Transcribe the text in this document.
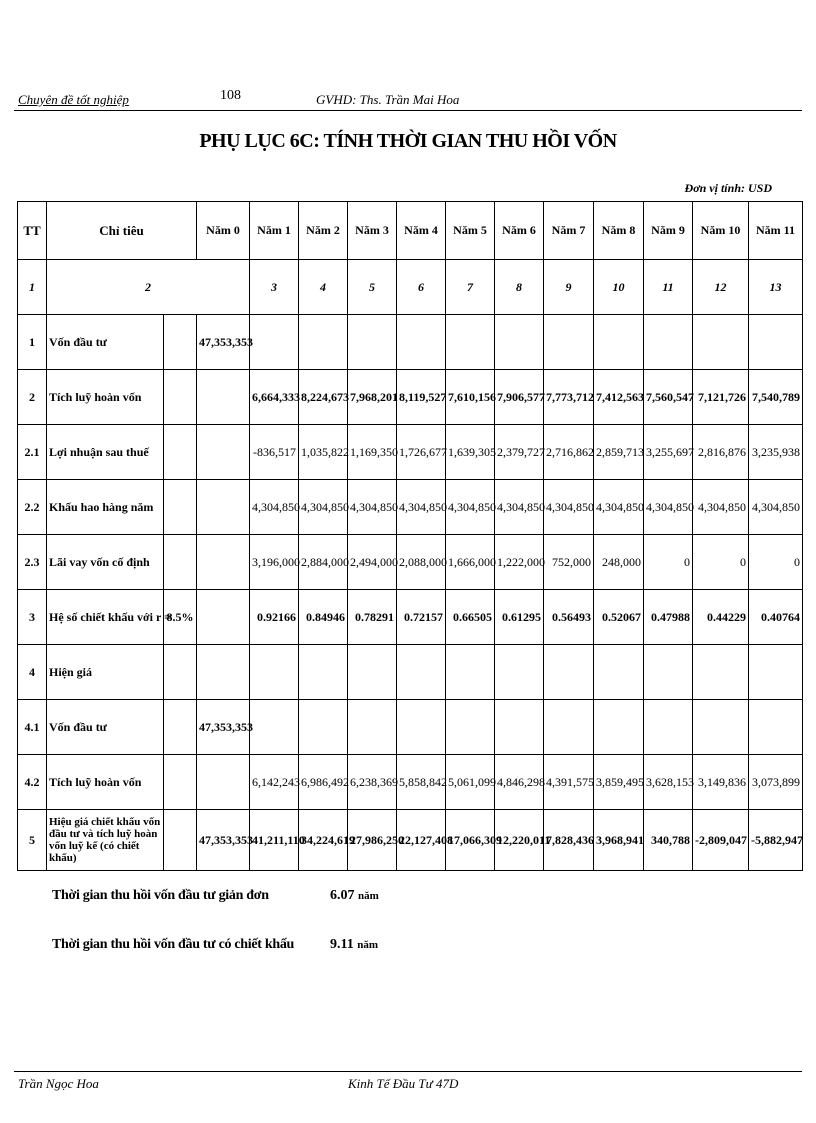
Chuyên đề tốt nghiệp	108	GVHD: Ths. Trần Mai Hoa
PHỤ LỤC 6C: TÍNH THỜI GIAN THU HỒI VỐN
Đơn vị tính: USD
TT	Chỉ tiêu		Năm 0	Năm 1	Năm 2	Năm 3	Năm 4	Năm 5	Năm 6	Năm 7	Năm 8	Năm 9	Năm 10	Năm 11
1	2			3	4	5	6	7	8	9	10	11	12	13
1	Vốn đầu tư		47,353,353											
2	Tích luỹ hoàn vốn			6,664,333	8,224,673	7,968,201	8,119,527	7,610,156	7,906,577	7,773,712	7,412,563	7,560,547	7,121,726	7,540,789
2.1	Lợi nhuận sau thuế			-836,517	1,035,822	1,169,350	1,726,677	1,639,305	2,379,727	2,716,862	2,859,713	3,255,697	2,816,876	3,235,938
2.2	Khấu hao hàng năm			4,304,850	4,304,850	4,304,850	4,304,850	4,304,850	4,304,850	4,304,850	4,304,850	4,304,850	4,304,850	4,304,850
2.3	Lãi vay vốn cố định			3,196,000	2,884,000	2,494,000	2,088,000	1,666,000	1,222,000	752,000	248,000	0	0	0
3	Hệ số chiết khấu với r =	8.5%		0.92166	0.84946	0.78291	0.72157	0.66505	0.61295	0.56493	0.52067	0.47988	0.44229	0.40764
4	Hiện giá													
4.1	Vốn đầu tư		47,353,353											
4.2	Tích luỹ hoàn vốn			6,142,243	6,986,492	6,238,369	5,858,842	5,061,099	4,846,298	4,391,575	3,859,495	3,628,153	3,149,836	3,073,899
5	Hiệu giá chiết khấu vốn đầu tư và tích luỹ hoàn vốn luỹ kế (có chiết khấu)		47,353,353	41,211,110	34,224,619	27,986,250	22,127,408	17,066,309	12,220,011	7,828,436	3,968,941	340,788	-2,809,047	-5,882,947
Thời gian thu hồi vốn đầu tư giản đơn	6.07 năm
Thời gian thu hồi vốn đầu tư có chiết khấu	9.11 năm
Trần Ngọc Hoa	Kinh Tế Đầu Tư 47D
